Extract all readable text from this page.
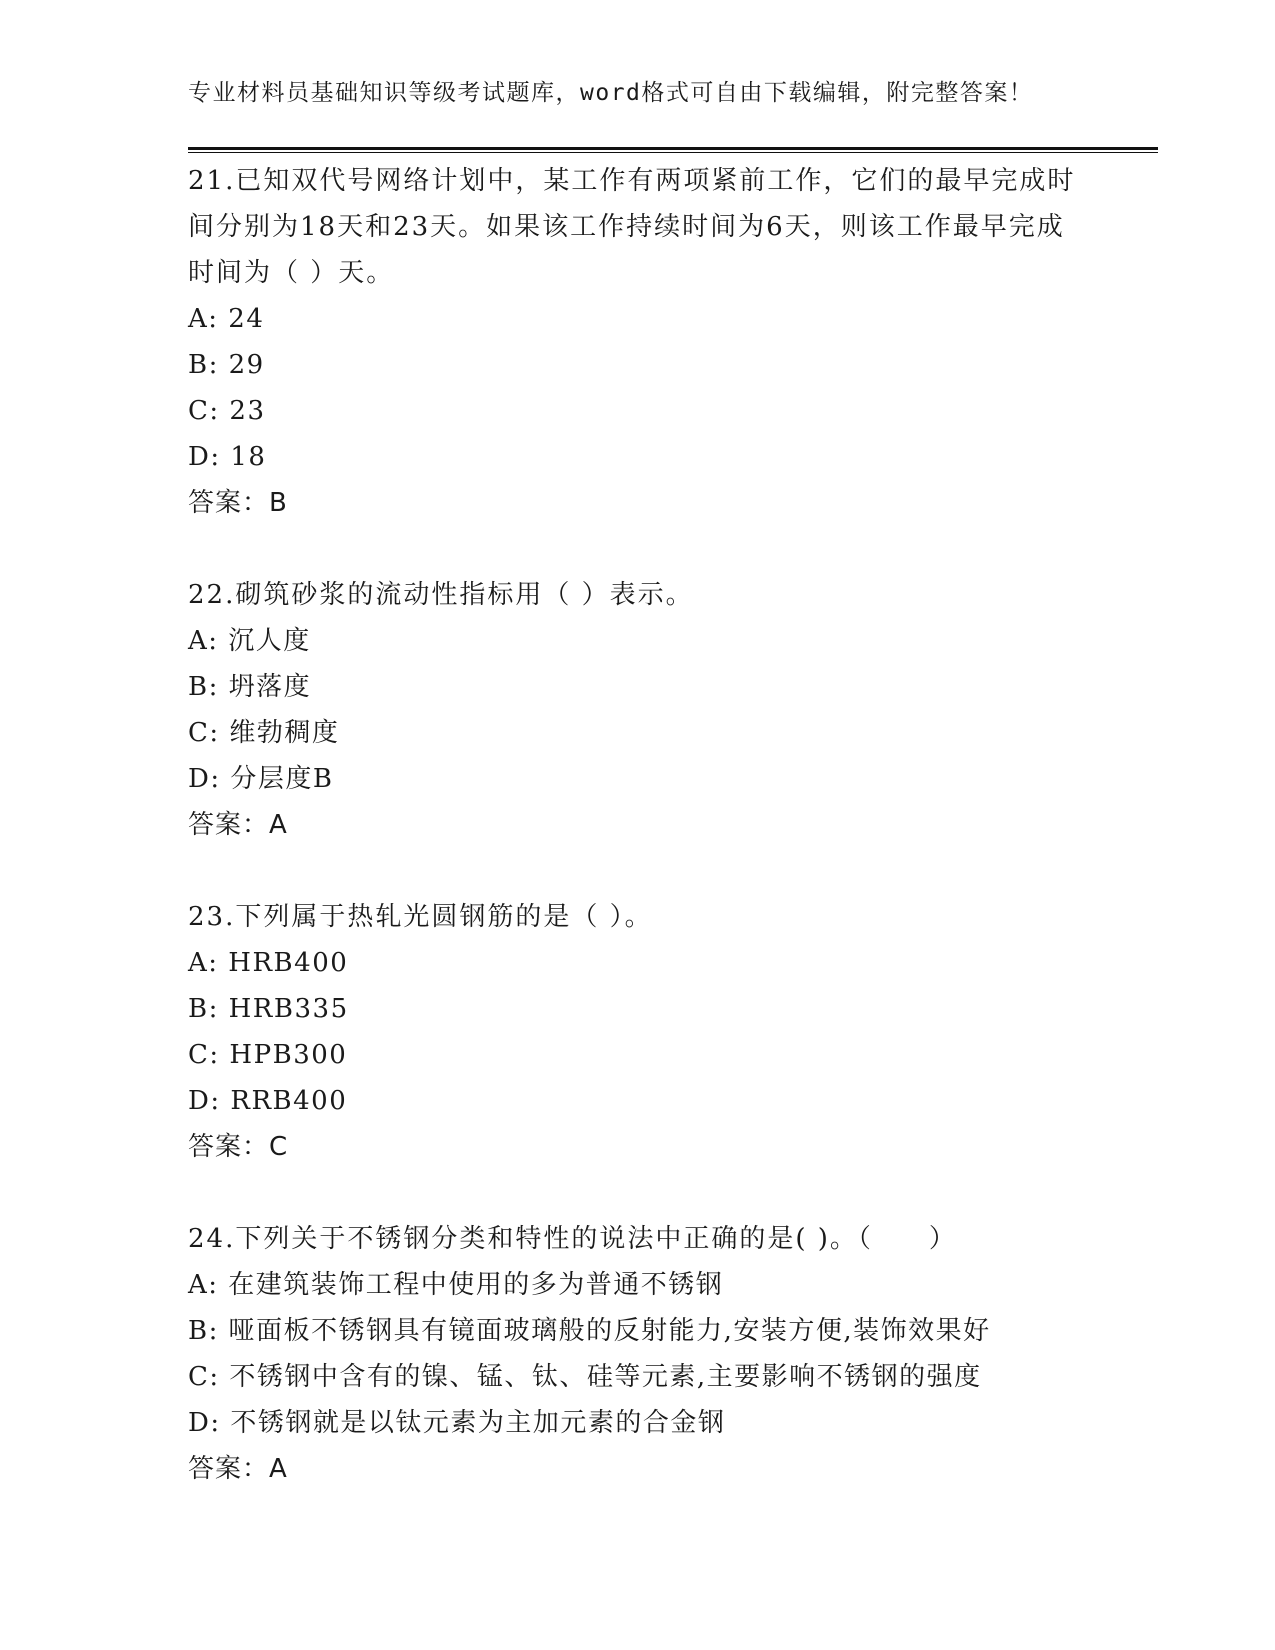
专业材料员基础知识等级考试题库，word格式可自由下载编辑，附完整答案！
21.已知双代号网络计划中，某工作有两项紧前工作，它们的最早完成时间分别为18天和23天。如果该工作持续时间为6天，则该工作最早完成时间为（ ）天。
A: 24
B: 29
C: 23
D: 18
答案：B
22.砌筑砂浆的流动性指标用（ ）表示。
A: 沉人度
B: 坍落度
C: 维勃稠度
D: 分层度B
答案：A
23.下列属于热轧光圆钢筋的是（ ）。
A: HRB400
B: HRB335
C: HPB300
D: RRB400
答案：C
24.下列关于不锈钢分类和特性的说法中正确的是( )。（　　）
A: 在建筑装饰工程中使用的多为普通不锈钢
B: 哑面板不锈钢具有镜面玻璃般的反射能力,安装方便,装饰效果好
C: 不锈钢中含有的镍、锰、钛、硅等元素,主要影响不锈钢的强度
D: 不锈钢就是以钛元素为主加元素的合金钢
答案：A
